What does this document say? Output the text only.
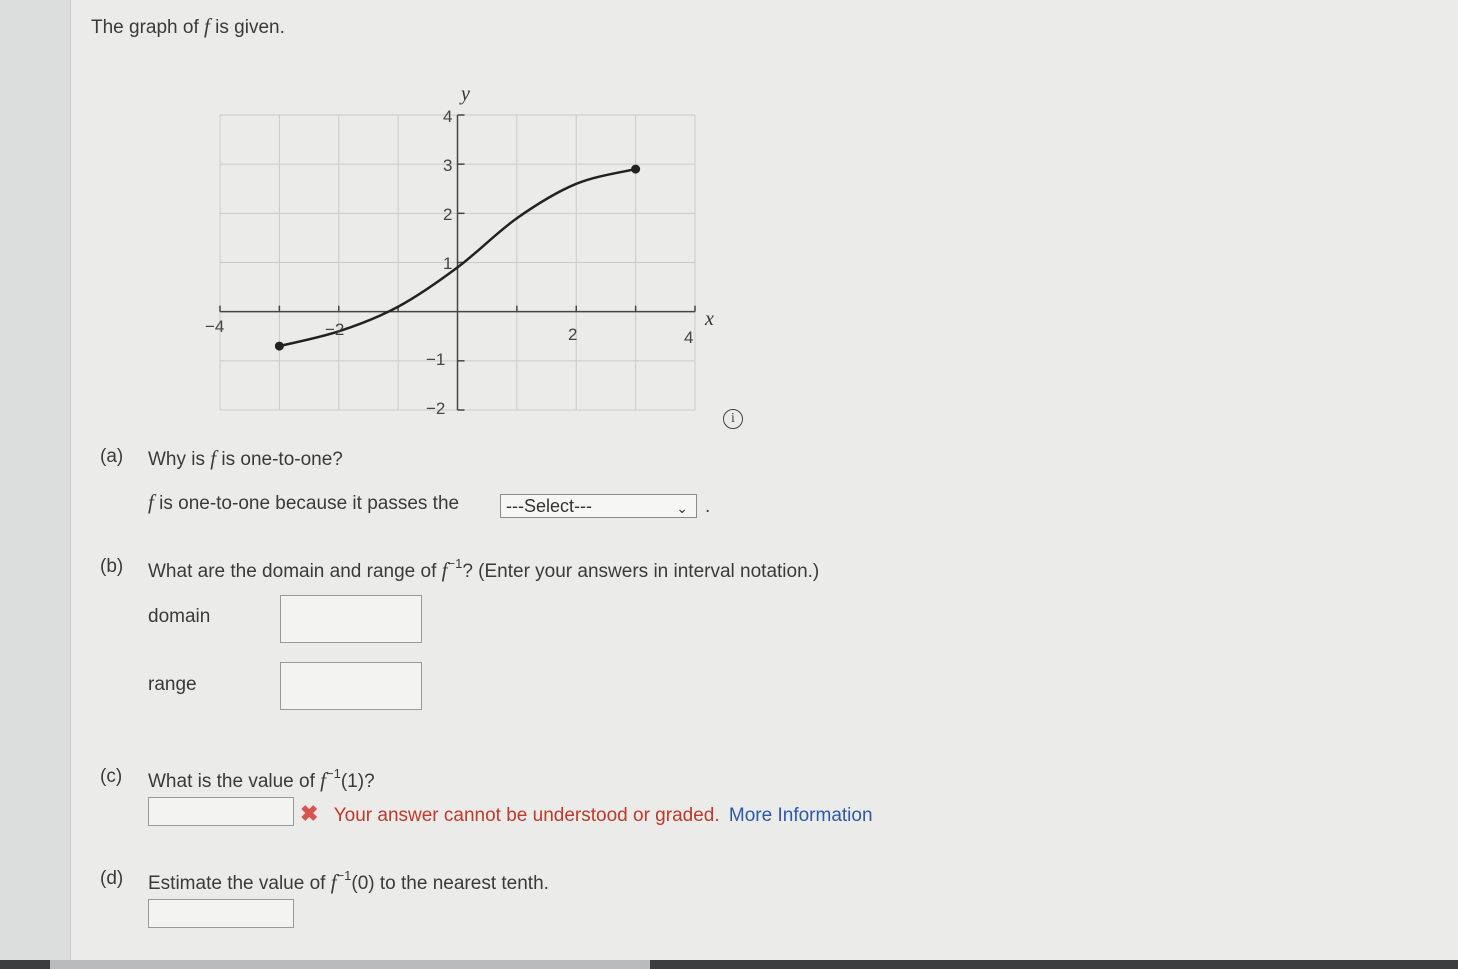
The graph of f is given.
y
x
−4	−2	2	4
4
3
2
1
−1
−2
i
(a) Why is f is one-to-one?
f is one-to-one because it passes the	---Select---	⌄ .
(b) What are the domain and range of $f^{-1}$? (Enter your answers in interval notation.)
domain
range
(c) What is the value of $f^{-1}(1)$?
✖ Your answer cannot be understood or graded. More Information
(d) Estimate the value of $f^{-1}(0)$ to the nearest tenth.
